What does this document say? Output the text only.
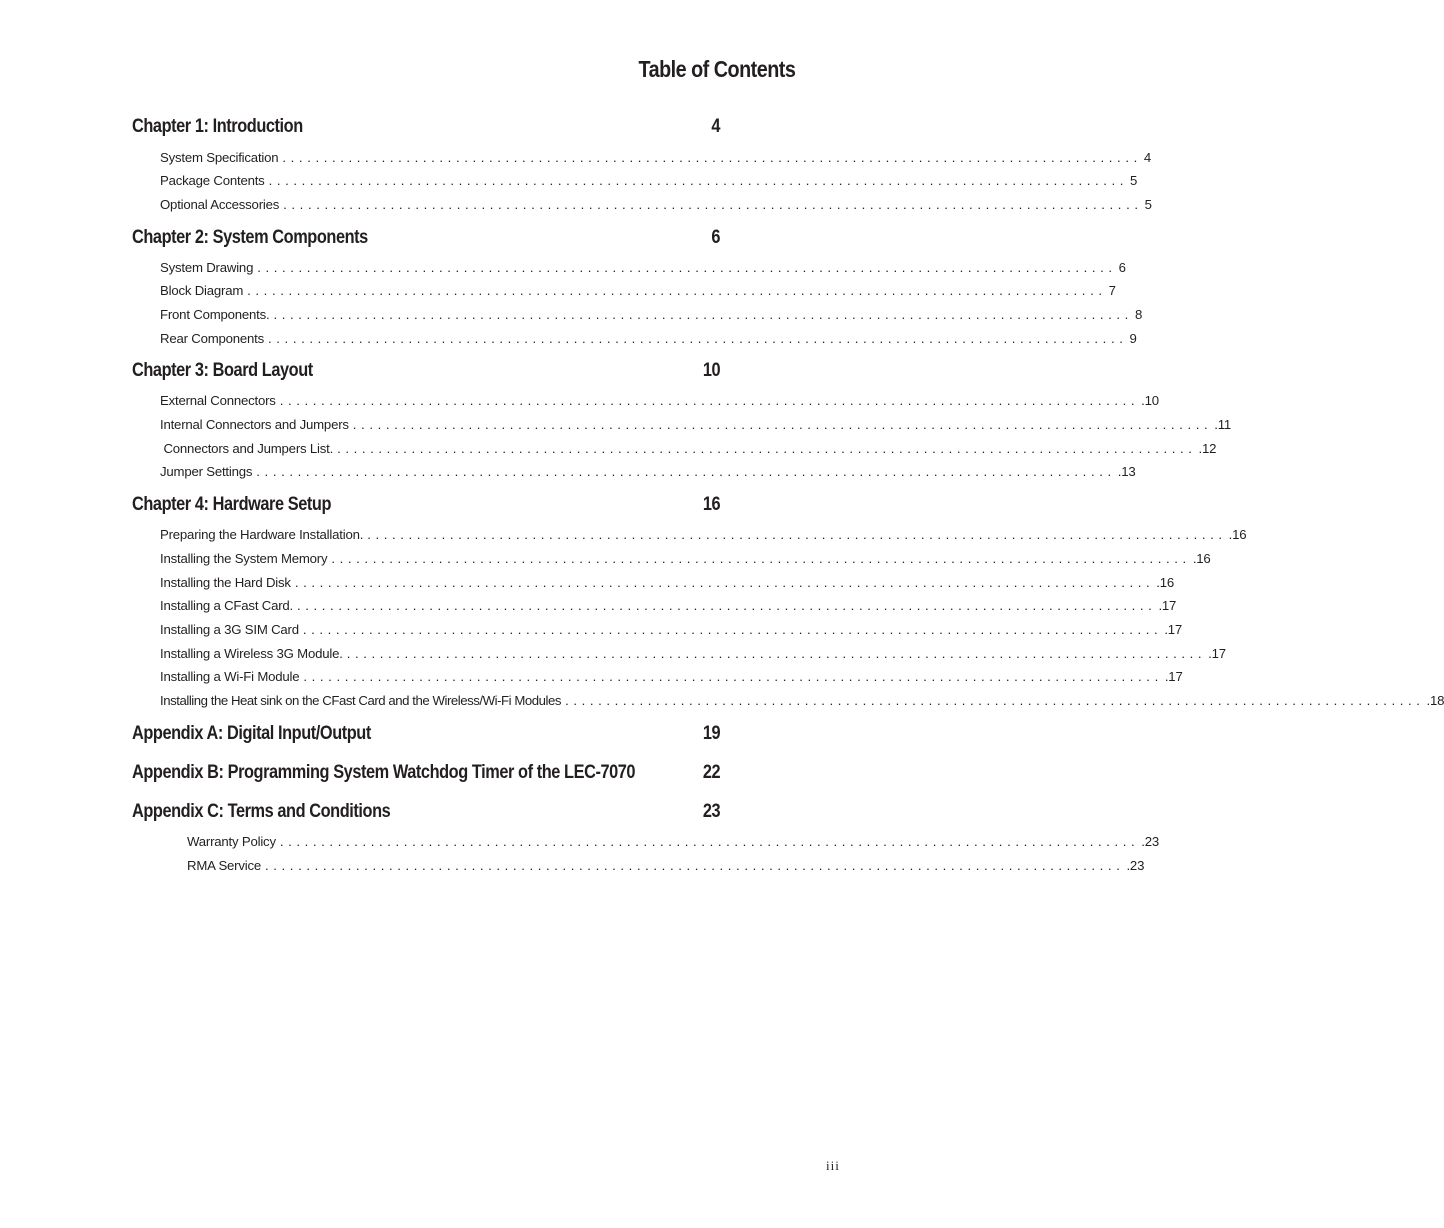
Table of Contents
Chapter 1: Introduction	4
System Specification ........................................................................................................ 4
Package Contents ........................................................................................................ 5
Optional Accessories ........................................................................................................ 5
Chapter 2: System Components	6
System Drawing ........................................................................................................ 6
Block Diagram ........................................................................................................ 7
Front Components. ........................................................................................................ 8
Rear Components ........................................................................................................ 9
Chapter 3: Board Layout	10
External Connectors ........................................................................................................ .10
Internal Connectors and Jumpers ........................................................................................................ .11
Connectors and Jumpers List. ........................................................................................................ .12
Jumper Settings ........................................................................................................ .13
Chapter 4: Hardware Setup	16
Preparing the Hardware Installation. ........................................................................................................ .16
Installing the System Memory ........................................................................................................ .16
Installing the Hard Disk ........................................................................................................ .16
Installing a CFast Card. ........................................................................................................ .17
Installing a 3G SIM Card ........................................................................................................ .17
Installing a Wireless 3G Module. ........................................................................................................ .17
Installing a Wi-Fi Module ........................................................................................................ .17
Installing the Heat sink on the CFast Card and the Wireless/Wi-Fi Modules ........................................................................................................ .18
Appendix A: Digital Input/Output	19
Appendix B: Programming System Watchdog Timer of the LEC-7070	22
Appendix C: Terms and Conditions	23
Warranty Policy ........................................................................................................ .23
RMA Service ........................................................................................................ .23
iii
